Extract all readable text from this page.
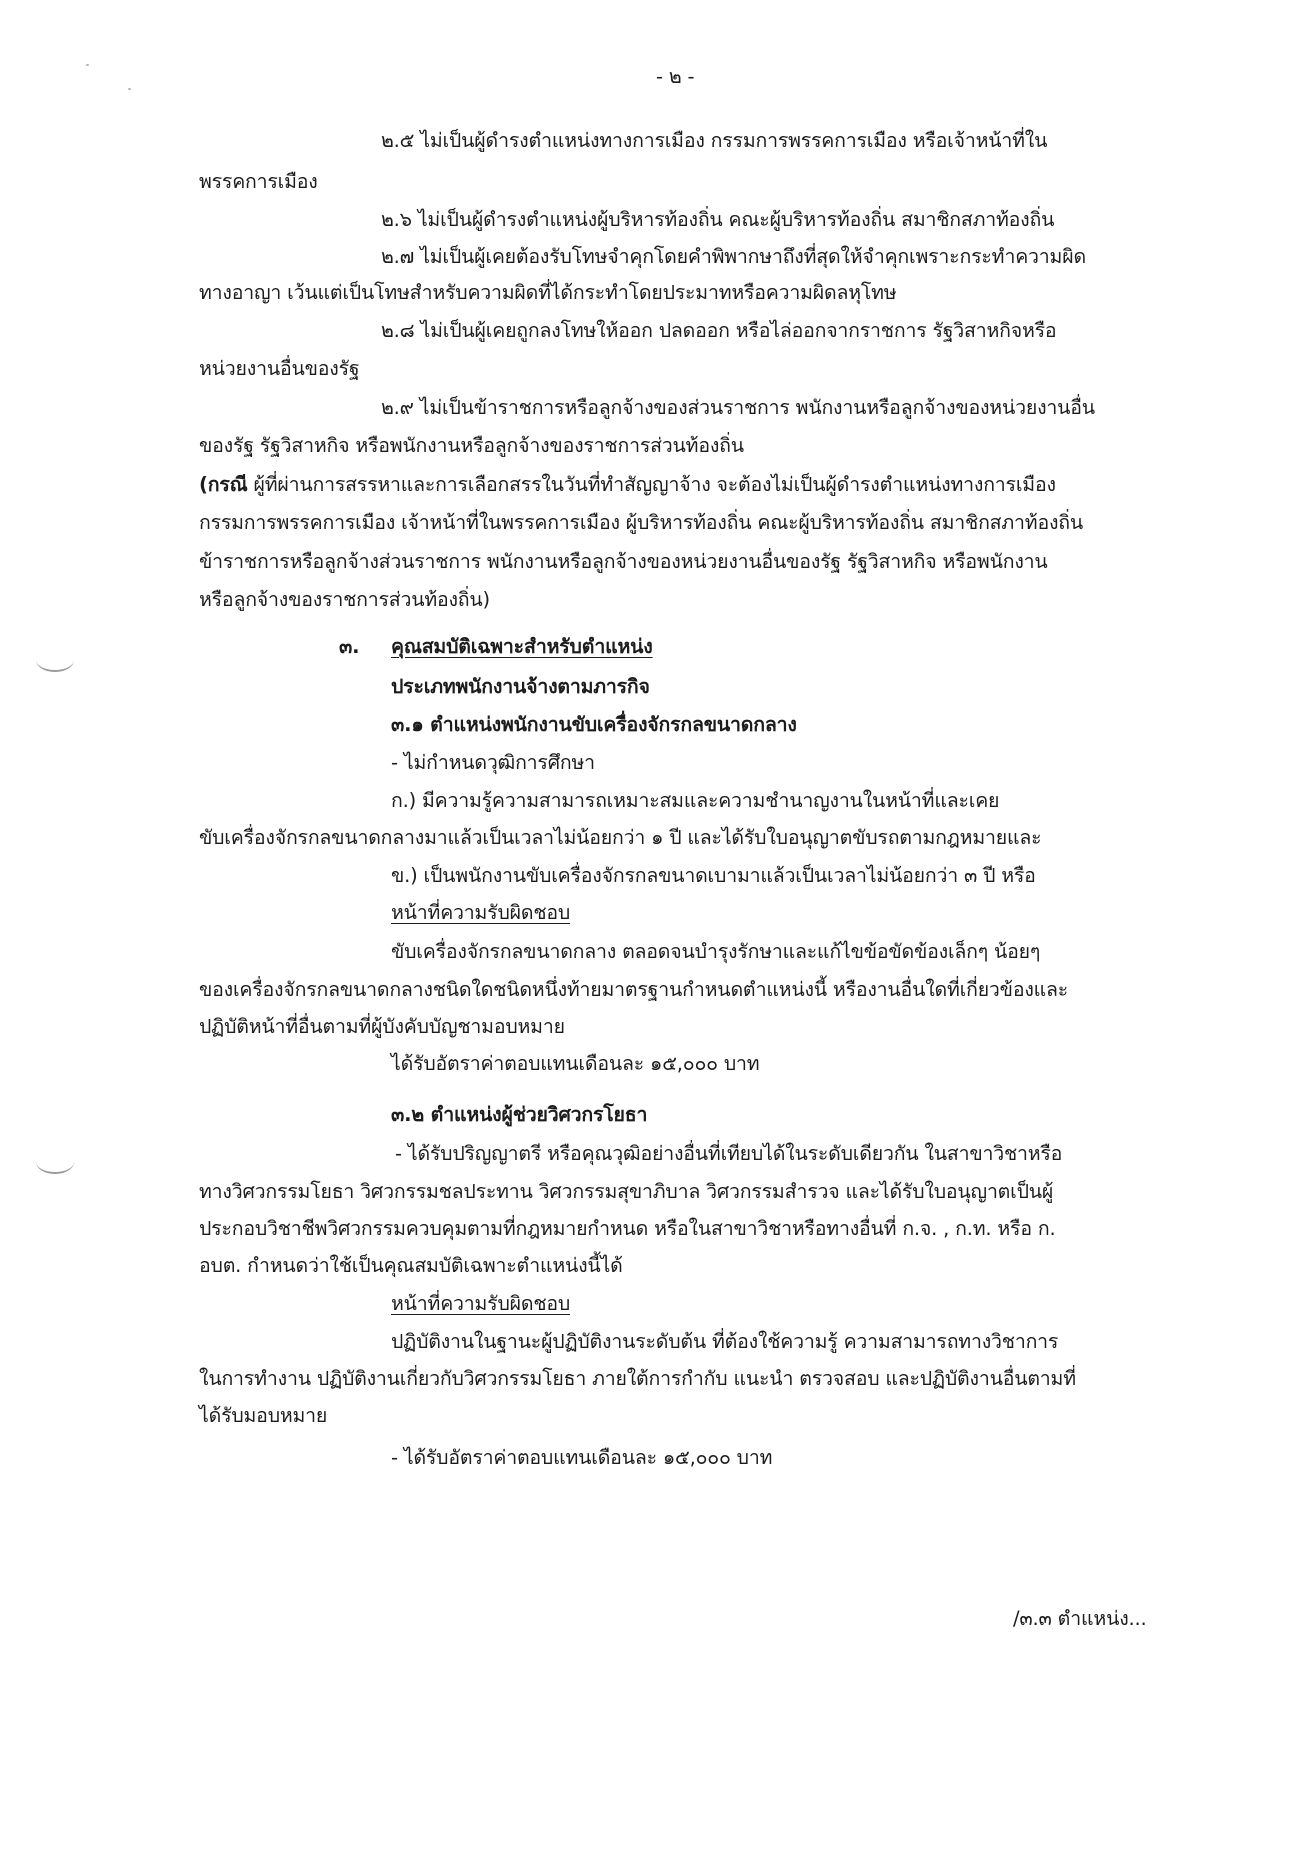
- ๒ -
๒.๕ ไม่เป็นผู้ดำรงตำแหน่งทางการเมือง กรรมการพรรคการเมือง หรือเจ้าหน้าที่ใน
พรรคการเมือง
๒.๖ ไม่เป็นผู้ดำรงตำแหน่งผู้บริหารท้องถิ่น คณะผู้บริหารท้องถิ่น สมาชิกสภาท้องถิ่น
๒.๗ ไม่เป็นผู้เคยต้องรับโทษจำคุกโดยคำพิพากษาถึงที่สุดให้จำคุกเพราะกระทำความผิด
ทางอาญา เว้นแต่เป็นโทษสำหรับความผิดที่ได้กระทำโดยประมาทหรือความผิดลหุโทษ
๒.๘ ไม่เป็นผู้เคยถูกลงโทษให้ออก ปลดออก หรือไล่ออกจากราชการ รัฐวิสาหกิจหรือ
หน่วยงานอื่นของรัฐ
๒.๙ ไม่เป็นข้าราชการหรือลูกจ้างของส่วนราชการ พนักงานหรือลูกจ้างของหน่วยงานอื่น
ของรัฐ รัฐวิสาหกิจ หรือพนักงานหรือลูกจ้างของราชการส่วนท้องถิ่น
(กรณี ผู้ที่ผ่านการสรรหาและการเลือกสรรในวันที่ทำสัญญาจ้าง จะต้องไม่เป็นผู้ดำรงตำแหน่งทางการเมือง
กรรมการพรรคการเมือง เจ้าหน้าที่ในพรรคการเมือง ผู้บริหารท้องถิ่น คณะผู้บริหารท้องถิ่น สมาชิกสภาท้องถิ่น
ข้าราชการหรือลูกจ้างส่วนราชการ พนักงานหรือลูกจ้างของหน่วยงานอื่นของรัฐ รัฐวิสาหกิจ หรือพนักงาน
หรือลูกจ้างของราชการส่วนท้องถิ่น)
๓. คุณสมบัติเฉพาะสำหรับตำแหน่ง
ประเภทพนักงานจ้างตามภารกิจ
๓.๑ ตำแหน่งพนักงานขับเครื่องจักรกลขนาดกลาง
- ไม่กำหนดวุฒิการศึกษา
ก.) มีความรู้ความสามารถเหมาะสมและความชำนาญงานในหน้าที่และเคย
ขับเครื่องจักรกลขนาดกลางมาแล้วเป็นเวลาไม่น้อยกว่า ๑ ปี และได้รับใบอนุญาตขับรถตามกฎหมายและ
ข.) เป็นพนักงานขับเครื่องจักรกลขนาดเบามาแล้วเป็นเวลาไม่น้อยกว่า ๓ ปี หรือ
หน้าที่ความรับผิดชอบ
ขับเครื่องจักรกลขนาดกลาง ตลอดจนบำรุงรักษาและแก้ไขข้อขัดข้องเล็กๆ น้อยๆ
ของเครื่องจักรกลขนาดกลางชนิดใดชนิดหนึ่งท้ายมาตรฐานกำหนดตำแหน่งนี้ หรืองานอื่นใดที่เกี่ยวข้องและ
ปฏิบัติหน้าที่อื่นตามที่ผู้บังคับบัญชามอบหมาย
ได้รับอัตราค่าตอบแทนเดือนละ ๑๕,๐๐๐ บาท
๓.๒ ตำแหน่งผู้ช่วยวิศวกรโยธา
- ได้รับปริญญาตรี หรือคุณวุฒิอย่างอื่นที่เทียบได้ในระดับเดียวกัน ในสาขาวิชาหรือ
ทางวิศวกรรมโยธา วิศวกรรมชลประทาน วิศวกรรมสุขาภิบาล วิศวกรรมสำรวจ และได้รับใบอนุญาตเป็นผู้
ประกอบวิชาชีพวิศวกรรมควบคุมตามที่กฎหมายกำหนด หรือในสาขาวิชาหรือทางอื่นที่ ก.จ. , ก.ท. หรือ ก.
อบต. กำหนดว่าใช้เป็นคุณสมบัติเฉพาะตำแหน่งนี้ได้
หน้าที่ความรับผิดชอบ
ปฏิบัติงานในฐานะผู้ปฏิบัติงานระดับต้น ที่ต้องใช้ความรู้ ความสามารถทางวิชาการ
ในการทำงาน ปฏิบัติงานเกี่ยวกับวิศวกรรมโยธา ภายใต้การกำกับ แนะนำ ตรวจสอบ และปฏิบัติงานอื่นตามที่
ได้รับมอบหมาย
- ได้รับอัตราค่าตอบแทนเดือนละ ๑๕,๐๐๐ บาท
/๓.๓ ตำแหน่ง...
